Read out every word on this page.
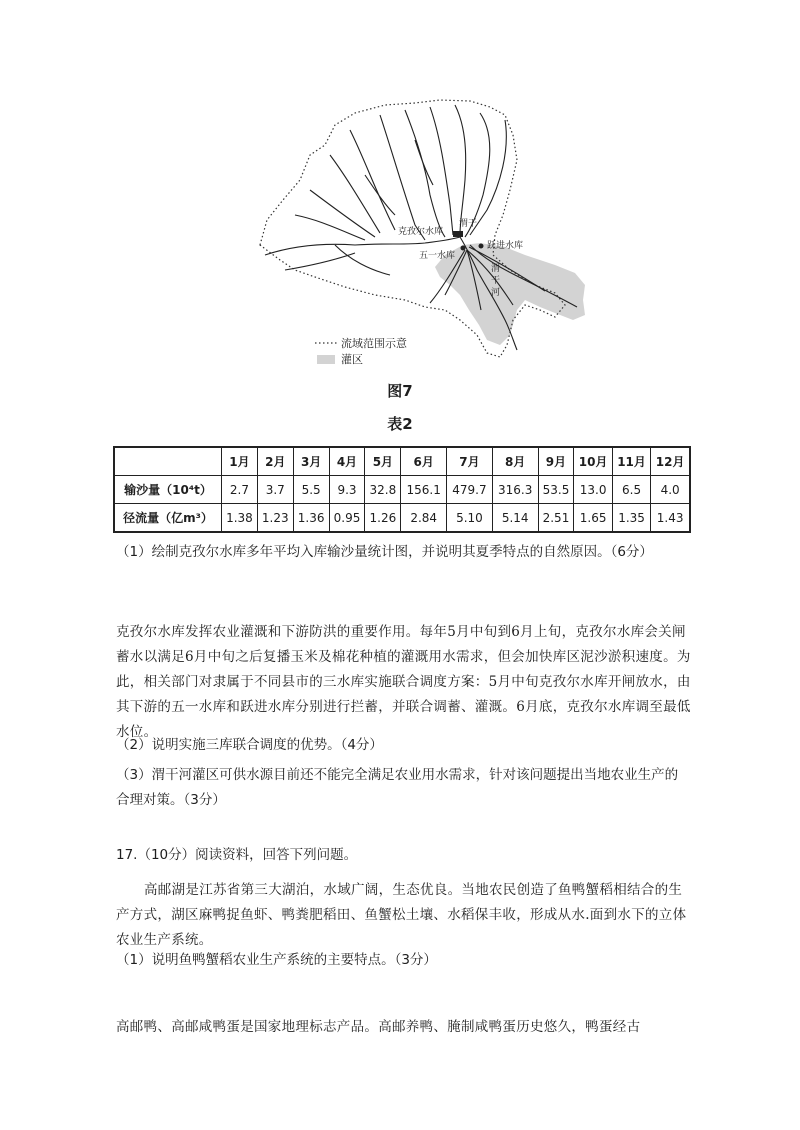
克孜尔水库
渭干
跃进水库
五一水库
渭干河
流域范围示意
灌区
图7
表2
	1月	2月	3月	4月	5月	6月	7月	8月	9月	10月	11月	12月
输沙量（10⁴t）	2.7	3.7	5.5	9.3	32.8	156.1	479.7	316.3	53.5	13.0	6.5	4.0
径流量（亿m³）	1.38	1.23	1.36	0.95	1.26	2.84	5.10	5.14	2.51	1.65	1.35	1.43
（1）绘制克孜尔水库多年平均入库输沙量统计图，并说明其夏季特点的自然原因。（6分）
克孜尔水库发挥农业灌溉和下游防洪的重要作用。每年5月中旬到6月上旬，克孜尔水库会关闸蓄水以满足6月中旬之后复播玉米及棉花种植的灌溉用水需求，但会加快库区泥沙淤积速度。为此，相关部门对隶属于不同县市的三水库实施联合调度方案：5月中旬克孜尔水库开闸放水，由其下游的五一水库和跃进水库分别进行拦蓄，并联合调蓄、灌溉。6月底，克孜尔水库调至最低水位。
（2）说明实施三库联合调度的优势。（4分）
（3）渭干河灌区可供水源目前还不能完全满足农业用水需求，针对该问题提出当地农业生产的合理对策。（3分）
17.（10分）阅读资料，回答下列问题。
高邮湖是江苏省第三大湖泊，水域广阔，生态优良。当地农民创造了鱼鸭蟹稻相结合的生产方式，湖区麻鸭捉鱼虾、鸭粪肥稻田、鱼蟹松土壤、水稻保丰收，形成从水.面到水下的立体农业生产系统。
（1）说明鱼鸭蟹稻农业生产系统的主要特点。（3分）
高邮鸭、高邮咸鸭蛋是国家地理标志产品。高邮养鸭、腌制咸鸭蛋历史悠久，鸭蛋经古
